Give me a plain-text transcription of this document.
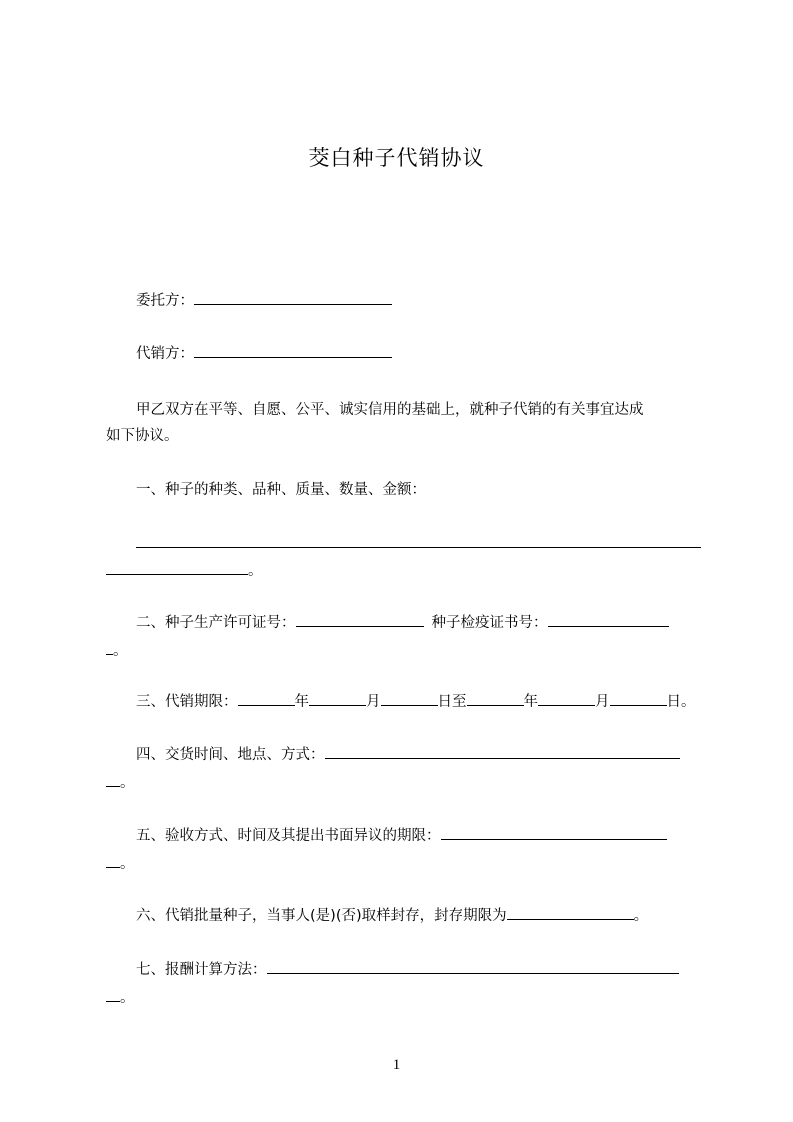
茭白种子代销协议
委托方：
代销方：
甲乙双方在平等、自愿、公平、诚实信用的基础上，就种子代销的有关事宜达成
如下协议。
一、种子的种类、品种、质量、数量、金额：
。
二、种子生产许可证号：	种子检疫证书号：
。
三、代销期限：	年	月	日至	年	月	日。
四、交货时间、地点、方式：
。
五、验收方式、时间及其提出书面异议的期限：
。
六、代销批量种子，当事人(是)(否)取样封存，封存期限为	。
七、报酬计算方法：
。
1
